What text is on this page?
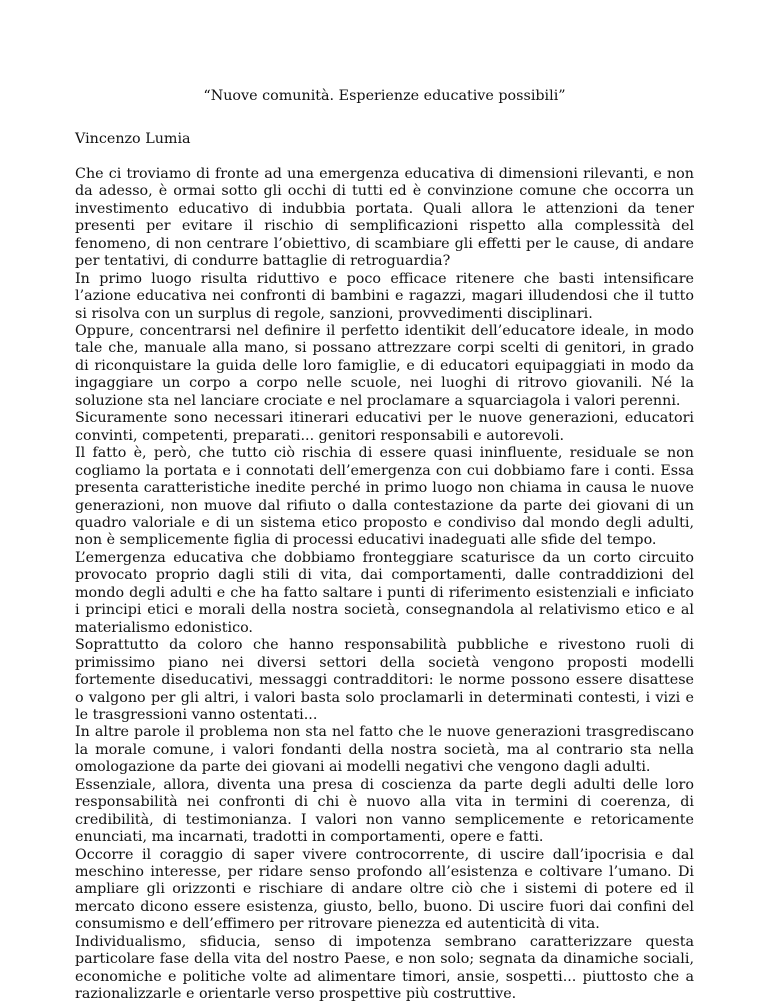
“Nuove comunità. Esperienze educative possibili”
Vincenzo Lumia

Che ci troviamo di fronte ad una emergenza educativa di dimensioni rilevanti, e non da adesso, è ormai sotto gli occhi di tutti ed è convinzione comune che occorra un investimento educativo di indubbia portata. Quali allora le attenzioni da tener presenti per evitare il rischio di semplificazioni rispetto alla complessità del fenomeno, di non centrare l’obiettivo, di scambiare gli effetti per le cause, di andare per tentativi, di condurre battaglie di retroguardia?

In primo luogo risulta riduttivo e poco efficace ritenere che basti intensificare l’azione educativa nei confronti di bambini e ragazzi, magari illudendosi che il tutto si risolva con un surplus di regole, sanzioni, provvedimenti disciplinari.

Oppure, concentrarsi nel definire il perfetto identikit dell’educatore ideale, in modo tale che, manuale alla mano, si possano attrezzare corpi scelti di genitori, in grado di riconquistare la guida delle loro famiglie, e di educatori equipaggiati in modo da ingaggiare un corpo a corpo nelle scuole, nei luoghi di ritrovo giovanili. Né la soluzione sta nel lanciare crociate e nel proclamare a squarciagola i valori perenni.

Sicuramente sono necessari itinerari educativi per le nuove generazioni, educatori convinti, competenti, preparati... genitori responsabili e autorevoli.

Il fatto è, però, che tutto ciò rischia di essere quasi ininfluente, residuale se non cogliamo la portata e i connotati dell’emergenza con cui dobbiamo fare i conti. Essa presenta caratteristiche inedite perché in primo luogo non chiama in causa le nuove generazioni, non muove dal rifiuto o dalla contestazione da parte dei giovani di un quadro valoriale e di un sistema etico proposto e condiviso dal mondo degli adulti, non è semplicemente figlia di processi educativi inadeguati alle sfide del tempo.

L’emergenza educativa che dobbiamo fronteggiare scaturisce da un corto circuito provocato proprio dagli stili di vita, dai comportamenti, dalle contraddizioni del mondo degli adulti e che ha fatto saltare i punti di riferimento esistenziali e inficiato i principi etici e morali della nostra società, consegnandola al relativismo etico e al materialismo edonistico.

Soprattutto da coloro che hanno responsabilità pubbliche e rivestono ruoli di primissimo piano nei diversi settori della società vengono proposti modelli fortemente diseducativi, messaggi contradditori: le norme possono essere disattese o valgono per gli altri, i valori basta solo proclamarli in determinati contesti, i vizi e le trasgressioni vanno ostentati...

In altre parole il problema non sta nel fatto che le nuove generazioni trasgrediscano la morale comune, i valori fondanti della nostra società, ma al contrario sta nella omologazione da parte dei giovani ai modelli negativi che vengono dagli adulti.

Essenziale, allora, diventa una presa di coscienza da parte degli adulti delle loro responsabilità nei confronti di chi è nuovo alla vita in termini di coerenza, di credibilità, di testimonianza. I valori non vanno semplicemente e retoricamente enunciati, ma incarnati, tradotti in comportamenti, opere e fatti.

Occorre il coraggio di saper vivere controcorrente, di uscire dall’ipocrisia e dal meschino interesse, per ridare senso profondo all’esistenza e coltivare l’umano. Di ampliare gli orizzonti e rischiare di andare oltre ciò che i sistemi di potere ed il mercato dicono essere esistenza, giusto, bello, buono. Di uscire fuori dai confini del consumismo e dell’effimero per ritrovare pienezza ed autenticità di vita.

Individualismo, sfiducia, senso di impotenza sembrano caratterizzare questa particolare fase della vita del nostro Paese, e non solo; segnata da dinamiche sociali, economiche e politiche volte ad alimentare timori, ansie, sospetti... piuttosto che a razionalizzarle e orientarle verso prospettive più costruttive.
